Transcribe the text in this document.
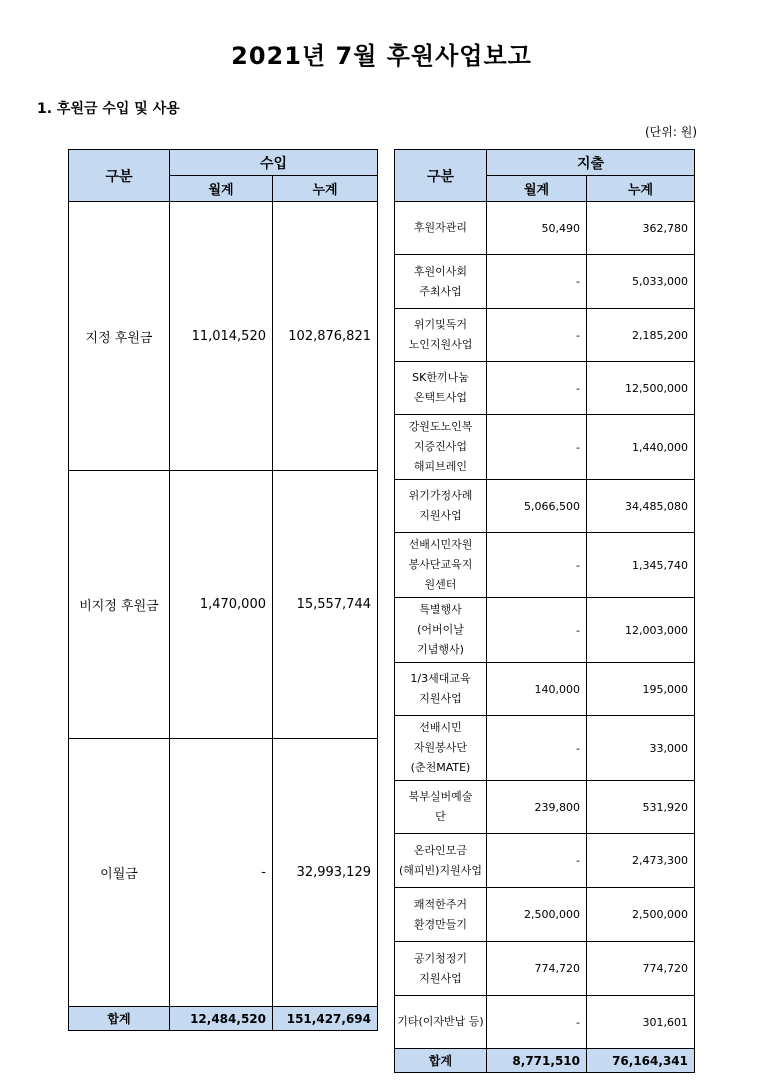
2021년 7월 후원사업보고
1. 후원금 수입 및 사용
(단위: 원)
구분	수입	
	월계	누계
지정 후원금	11,014,520	102,876,821
비지정 후원금	1,470,000	15,557,744
이월금	-	32,993,129
합계	12,484,520	151,427,694
구분	지출	
	월계	누계
후원자관리	50,490	362,780
후원이사회
주최사업	-	5,033,000
위기및독거
노인지원사업	-	2,185,200
SK한끼나눔
온택트사업	-	12,500,000
강원도노인복
지증진사업
해피브레인	-	1,440,000
위기가정사례
지원사업	5,066,500	34,485,080
선배시민자원
봉사단교육지
원센터	-	1,345,740
특별행사
(어버이날
기념행사)	-	12,003,000
1/3세대교육
지원사업	140,000	195,000
선배시민
자원봉사단
(춘천MATE)	-	33,000
북부실버예술
단	239,800	531,920
온라인모금
(해피빈)지원사업	-	2,473,300
쾌적한주거
환경만들기	2,500,000	2,500,000
공기청정기
지원사업	774,720	774,720
기타(이자반납 등)	-	301,601
합계	8,771,510	76,164,341
